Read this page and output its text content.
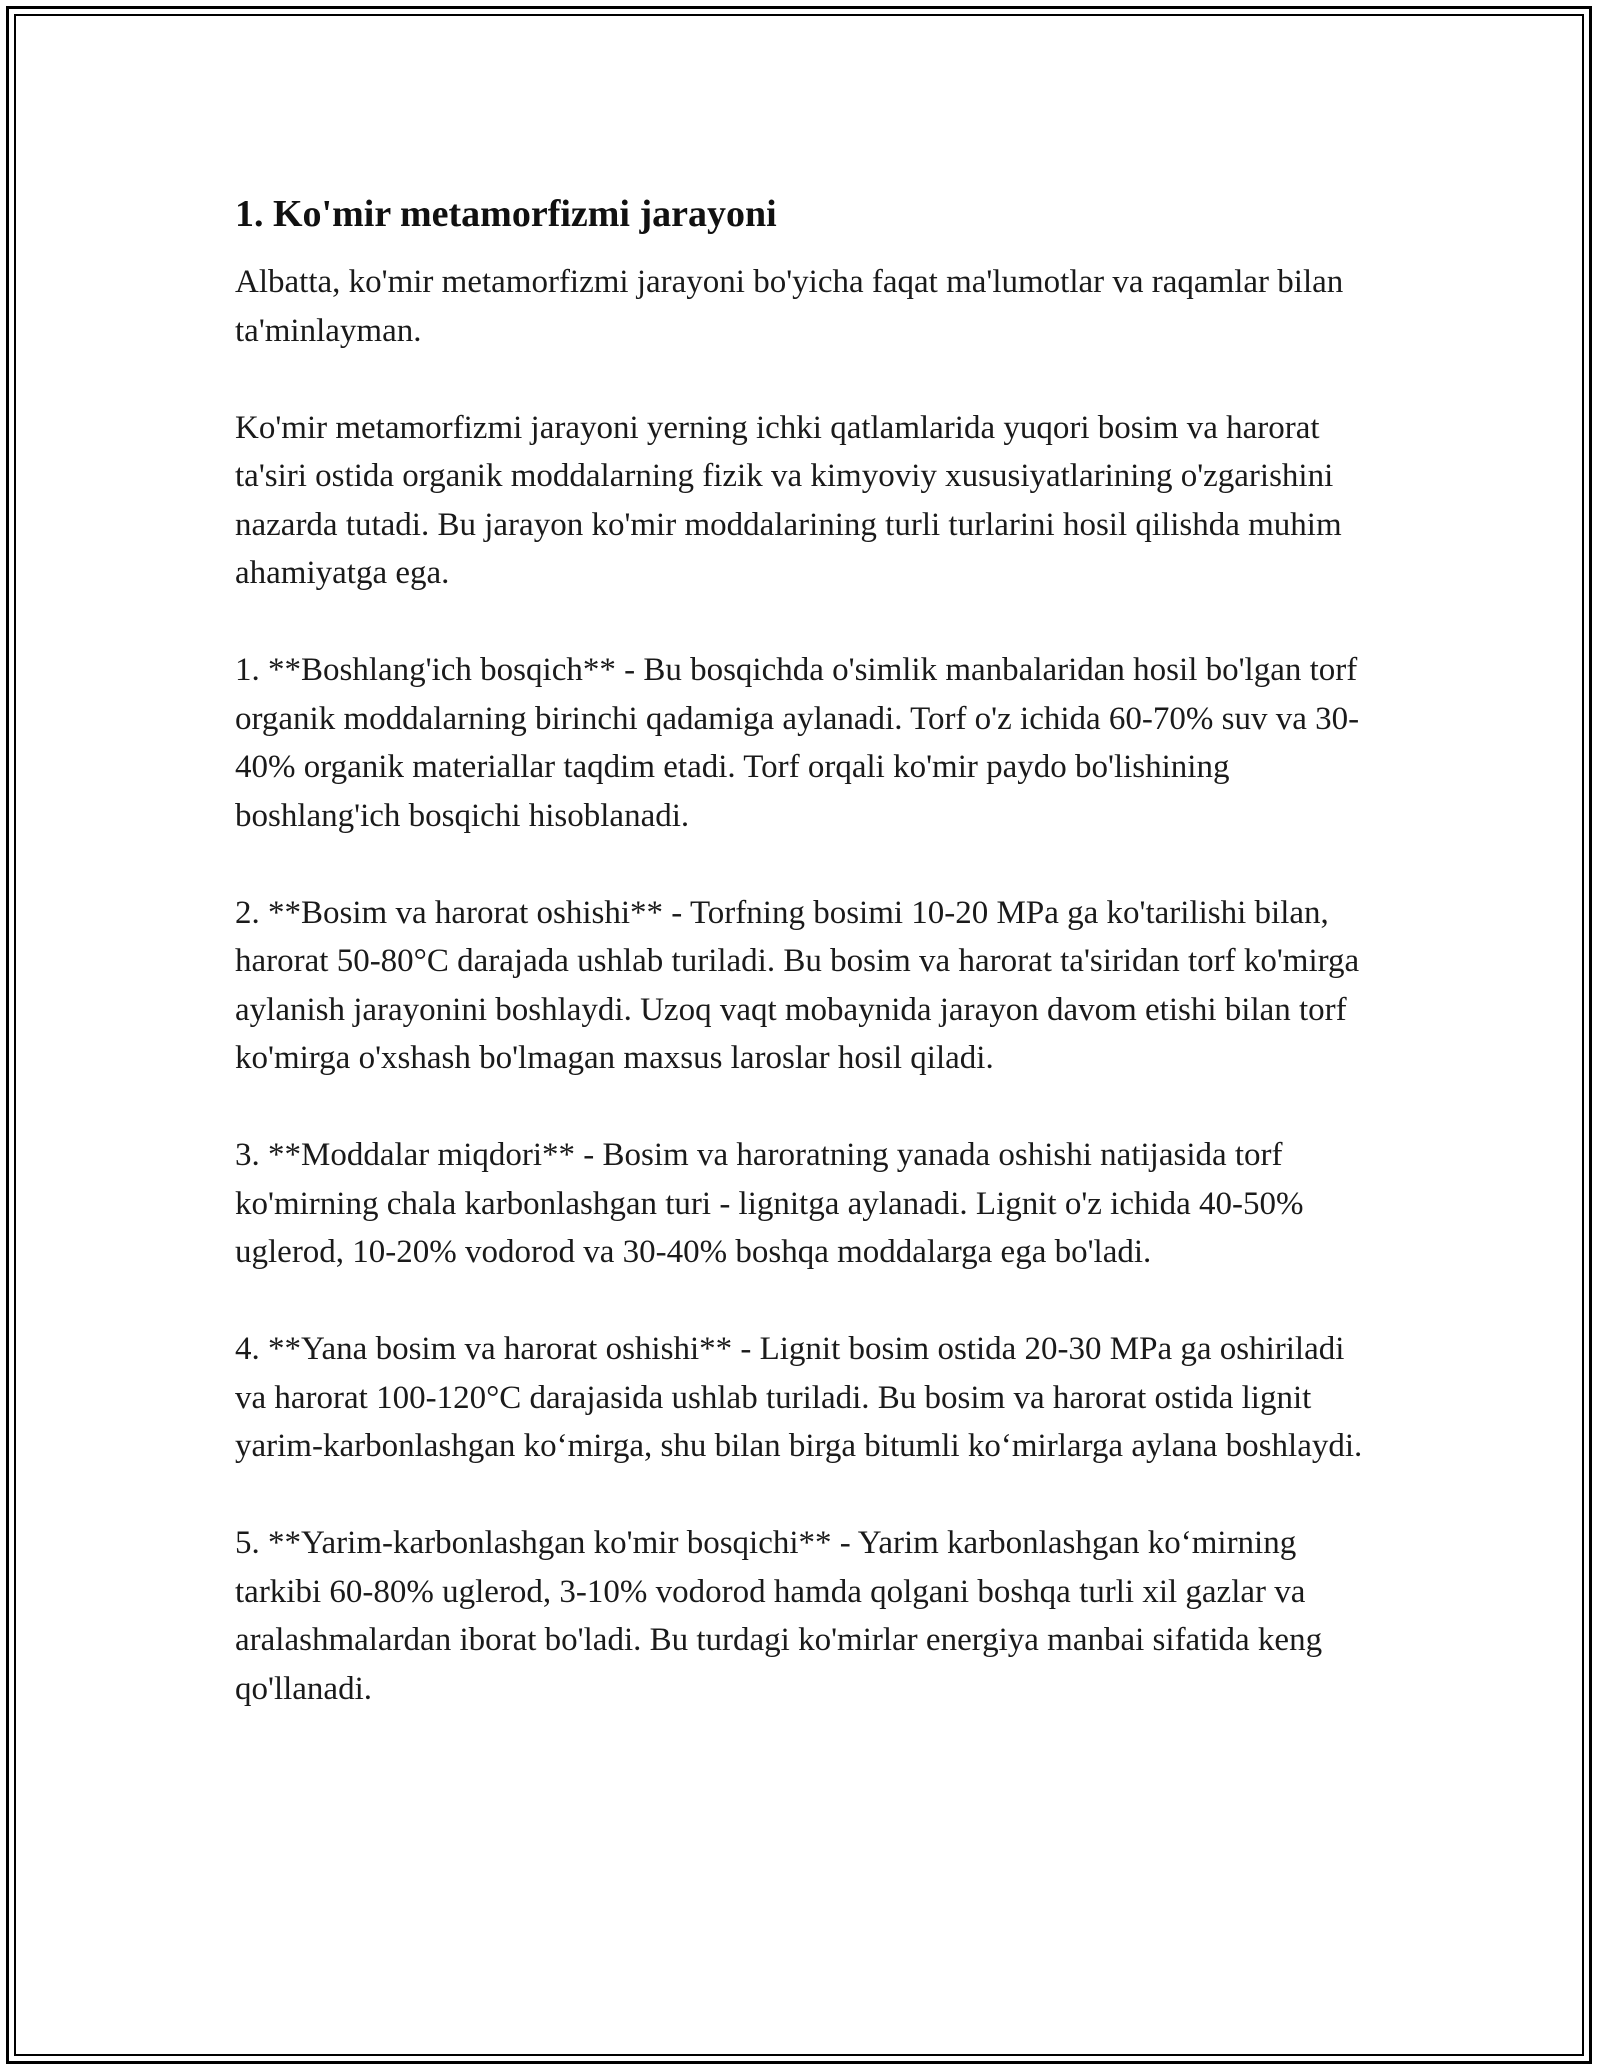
1. Ko'mir metamorfizmi jarayoni

Albatta, ko'mir metamorfizmi jarayoni bo'yicha faqat ma'lumotlar va raqamlar bilan ta'minlayman.

Ko'mir metamorfizmi jarayoni yerning ichki qatlamlarida yuqori bosim va harorat ta'siri ostida organik moddalarning fizik va kimyoviy xususiyatlarining o'zgarishini nazarda tutadi. Bu jarayon ko'mir moddalarining turli turlarini hosil qilishda muhim ahamiyatga ega.

1. **Boshlang'ich bosqich** - Bu bosqichda o'simlik manbalaridan hosil bo'lgan torf organik moddalarning birinchi qadamiga aylanadi. Torf o'z ichida 60-70% suv va 30-40% organik materiallar taqdim etadi. Torf orqali ko'mir paydo bo'lishining boshlang'ich bosqichi hisoblanadi.

2. **Bosim va harorat oshishi** - Torfning bosimi 10-20 MPa ga ko'tarilishi bilan, harorat 50-80°C darajada ushlab turiladi. Bu bosim va harorat ta'siridan torf ko'mirga aylanish jarayonini boshlaydi. Uzoq vaqt mobaynida jarayon davom etishi bilan torf ko'mirga o'xshash bo'lmagan maxsus laroslar hosil qiladi.

3. **Moddalar miqdori** - Bosim va haroratning yanada oshishi natijasida torf ko'mirning chala karbonlashgan turi - lignitga aylanadi. Lignit o'z ichida 40-50% uglerod, 10-20% vodorod va 30-40% boshqa moddalarga ega bo'ladi.

4. **Yana bosim va harorat oshishi** - Lignit bosim ostida 20-30 MPa ga oshiriladi va harorat 100-120°C darajasida ushlab turiladi. Bu bosim va harorat ostida lignit yarim-karbonlashgan ko‘mirga, shu bilan birga bitumli ko‘mirlarga aylana boshlaydi.

5. **Yarim-karbonlashgan ko'mir bosqichi** - Yarim karbonlashgan ko‘mirning tarkibi 60-80% uglerod, 3-10% vodorod hamda qolgani boshqa turli xil gazlar va aralashmalardan iborat bo'ladi. Bu turdagi ko'mirlar energiya manbai sifatida keng qo'llanadi.
